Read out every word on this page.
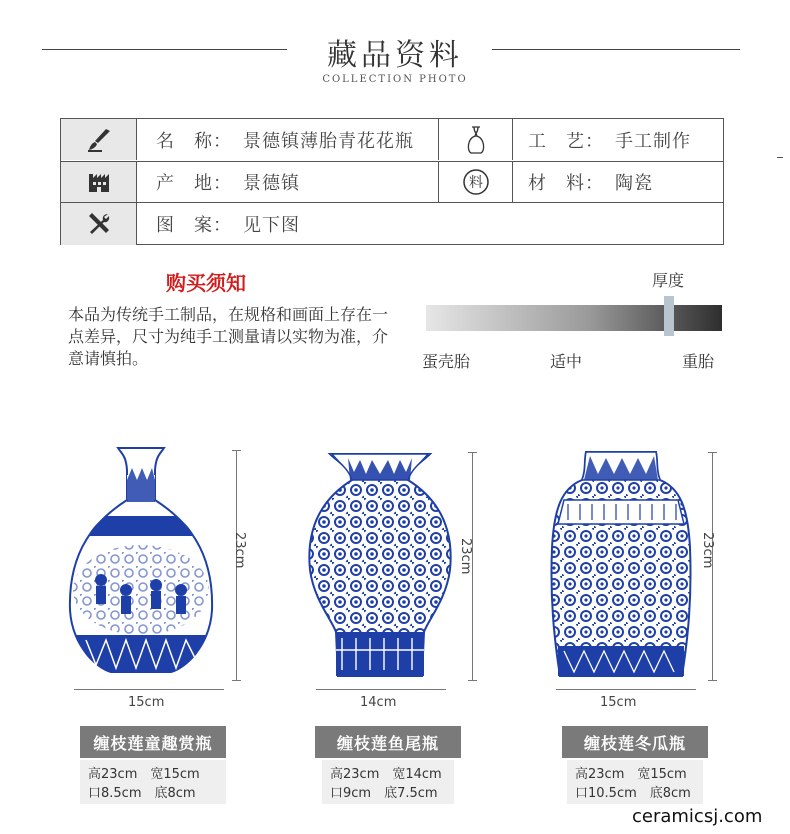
藏品资料
COLLECTION PHOTO
名　称： 景德镇薄胎青花花瓶	工　艺： 手工制作
产　地： 景德镇	料	材　料： 陶瓷
图　案： 见下图
购买须知
本品为传统手工制品，在规格和画面上存在一点差异，尺寸为纯手工测量请以实物为准，介意请慎拍。
厚度
蛋壳胎	适中	重胎
23cm
15cm
缠枝莲童趣赏瓶
高23cm　宽15cm
口8.5cm　底8cm
23cm
14cm
缠枝莲鱼尾瓶
高23cm　宽14cm
口9cm　底7.5cm
23cm
15cm
缠枝莲冬瓜瓶
高23cm　宽15cm
口10.5cm　底8cm
ceramicsj.com
